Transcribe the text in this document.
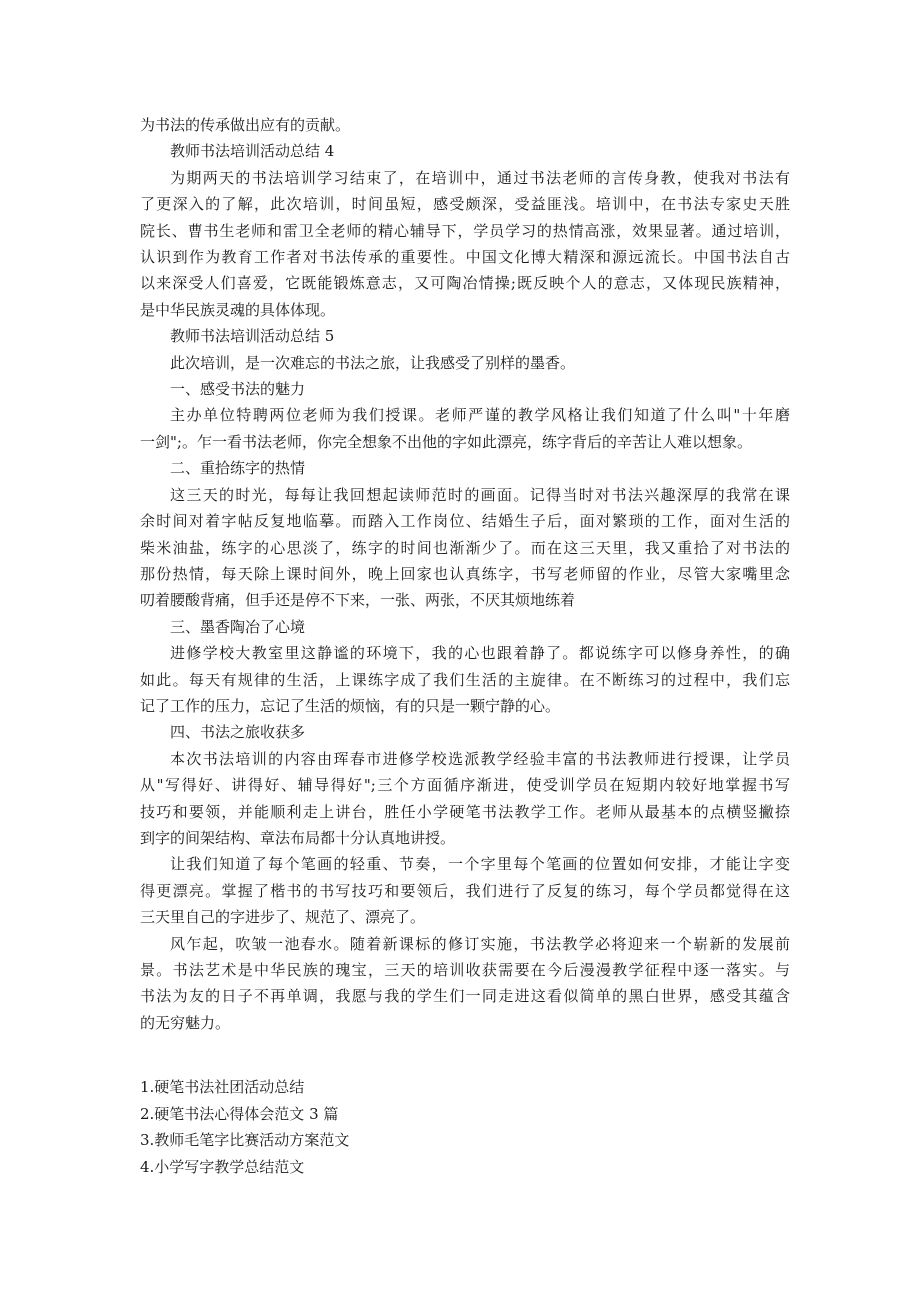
为书法的传承做出应有的贡献。

教师书法培训活动总结 4

为期两天的书法培训学习结束了，在培训中，通过书法老师的言传身教，使我对书法有

了更深入的了解，此次培训，时间虽短，感受颇深，受益匪浅。培训中，在书法专家史天胜

院长、曹书生老师和雷卫全老师的精心辅导下，学员学习的热情高涨，效果显著。通过培训，

认识到作为教育工作者对书法传承的重要性。中国文化博大精深和源远流长。中国书法自古

以来深受人们喜爱，它既能锻炼意志，又可陶冶情操;既反映个人的意志，又体现民族精神，

是中华民族灵魂的具体体现。

教师书法培训活动总结 5

此次培训，是一次难忘的书法之旅，让我感受了别样的墨香。

一、感受书法的魅力

主办单位特聘两位老师为我们授课。老师严谨的教学风格让我们知道了什么叫"十年磨

一剑";。乍一看书法老师，你完全想象不出他的字如此漂亮，练字背后的辛苦让人难以想象。

二、重拾练字的热情

这三天的时光，每每让我回想起读师范时的画面。记得当时对书法兴趣深厚的我常在课

余时间对着字帖反复地临摹。而踏入工作岗位、结婚生子后，面对繁琐的工作，面对生活的

柴米油盐，练字的心思淡了，练字的时间也渐渐少了。而在这三天里，我又重拾了对书法的

那份热情，每天除上课时间外，晚上回家也认真练字，书写老师留的作业，尽管大家嘴里念

叨着腰酸背痛，但手还是停不下来，一张、两张，不厌其烦地练着

三、墨香陶冶了心境

进修学校大教室里这静谧的环境下，我的心也跟着静了。都说练字可以修身养性，的确

如此。每天有规律的生活，上课练字成了我们生活的主旋律。在不断练习的过程中，我们忘

记了工作的压力，忘记了生活的烦恼，有的只是一颗宁静的心。

四、书法之旅收获多

本次书法培训的内容由珲春市进修学校选派教学经验丰富的书法教师进行授课，让学员

从"写得好、讲得好、辅导得好";三个方面循序渐进，使受训学员在短期内较好地掌握书写

技巧和要领，并能顺利走上讲台，胜任小学硬笔书法教学工作。老师从最基本的点横竖撇捺

到字的间架结构、章法布局都十分认真地讲授。

让我们知道了每个笔画的轻重、节奏，一个字里每个笔画的位置如何安排，才能让字变

得更漂亮。掌握了楷书的书写技巧和要领后，我们进行了反复的练习，每个学员都觉得在这

三天里自己的字进步了、规范了、漂亮了。

风乍起，吹皱一池春水。随着新课标的修订实施，书法教学必将迎来一个崭新的发展前

景。书法艺术是中华民族的瑰宝，三天的培训收获需要在今后漫漫教学征程中逐一落实。与

书法为友的日子不再单调，我愿与我的学生们一同走进这看似简单的黑白世界，感受其蕴含

的无穷魅力。

1.硬笔书法社团活动总结

2.硬笔书法心得体会范文 3 篇

3.教师毛笔字比赛活动方案范文

4.小学写字教学总结范文
